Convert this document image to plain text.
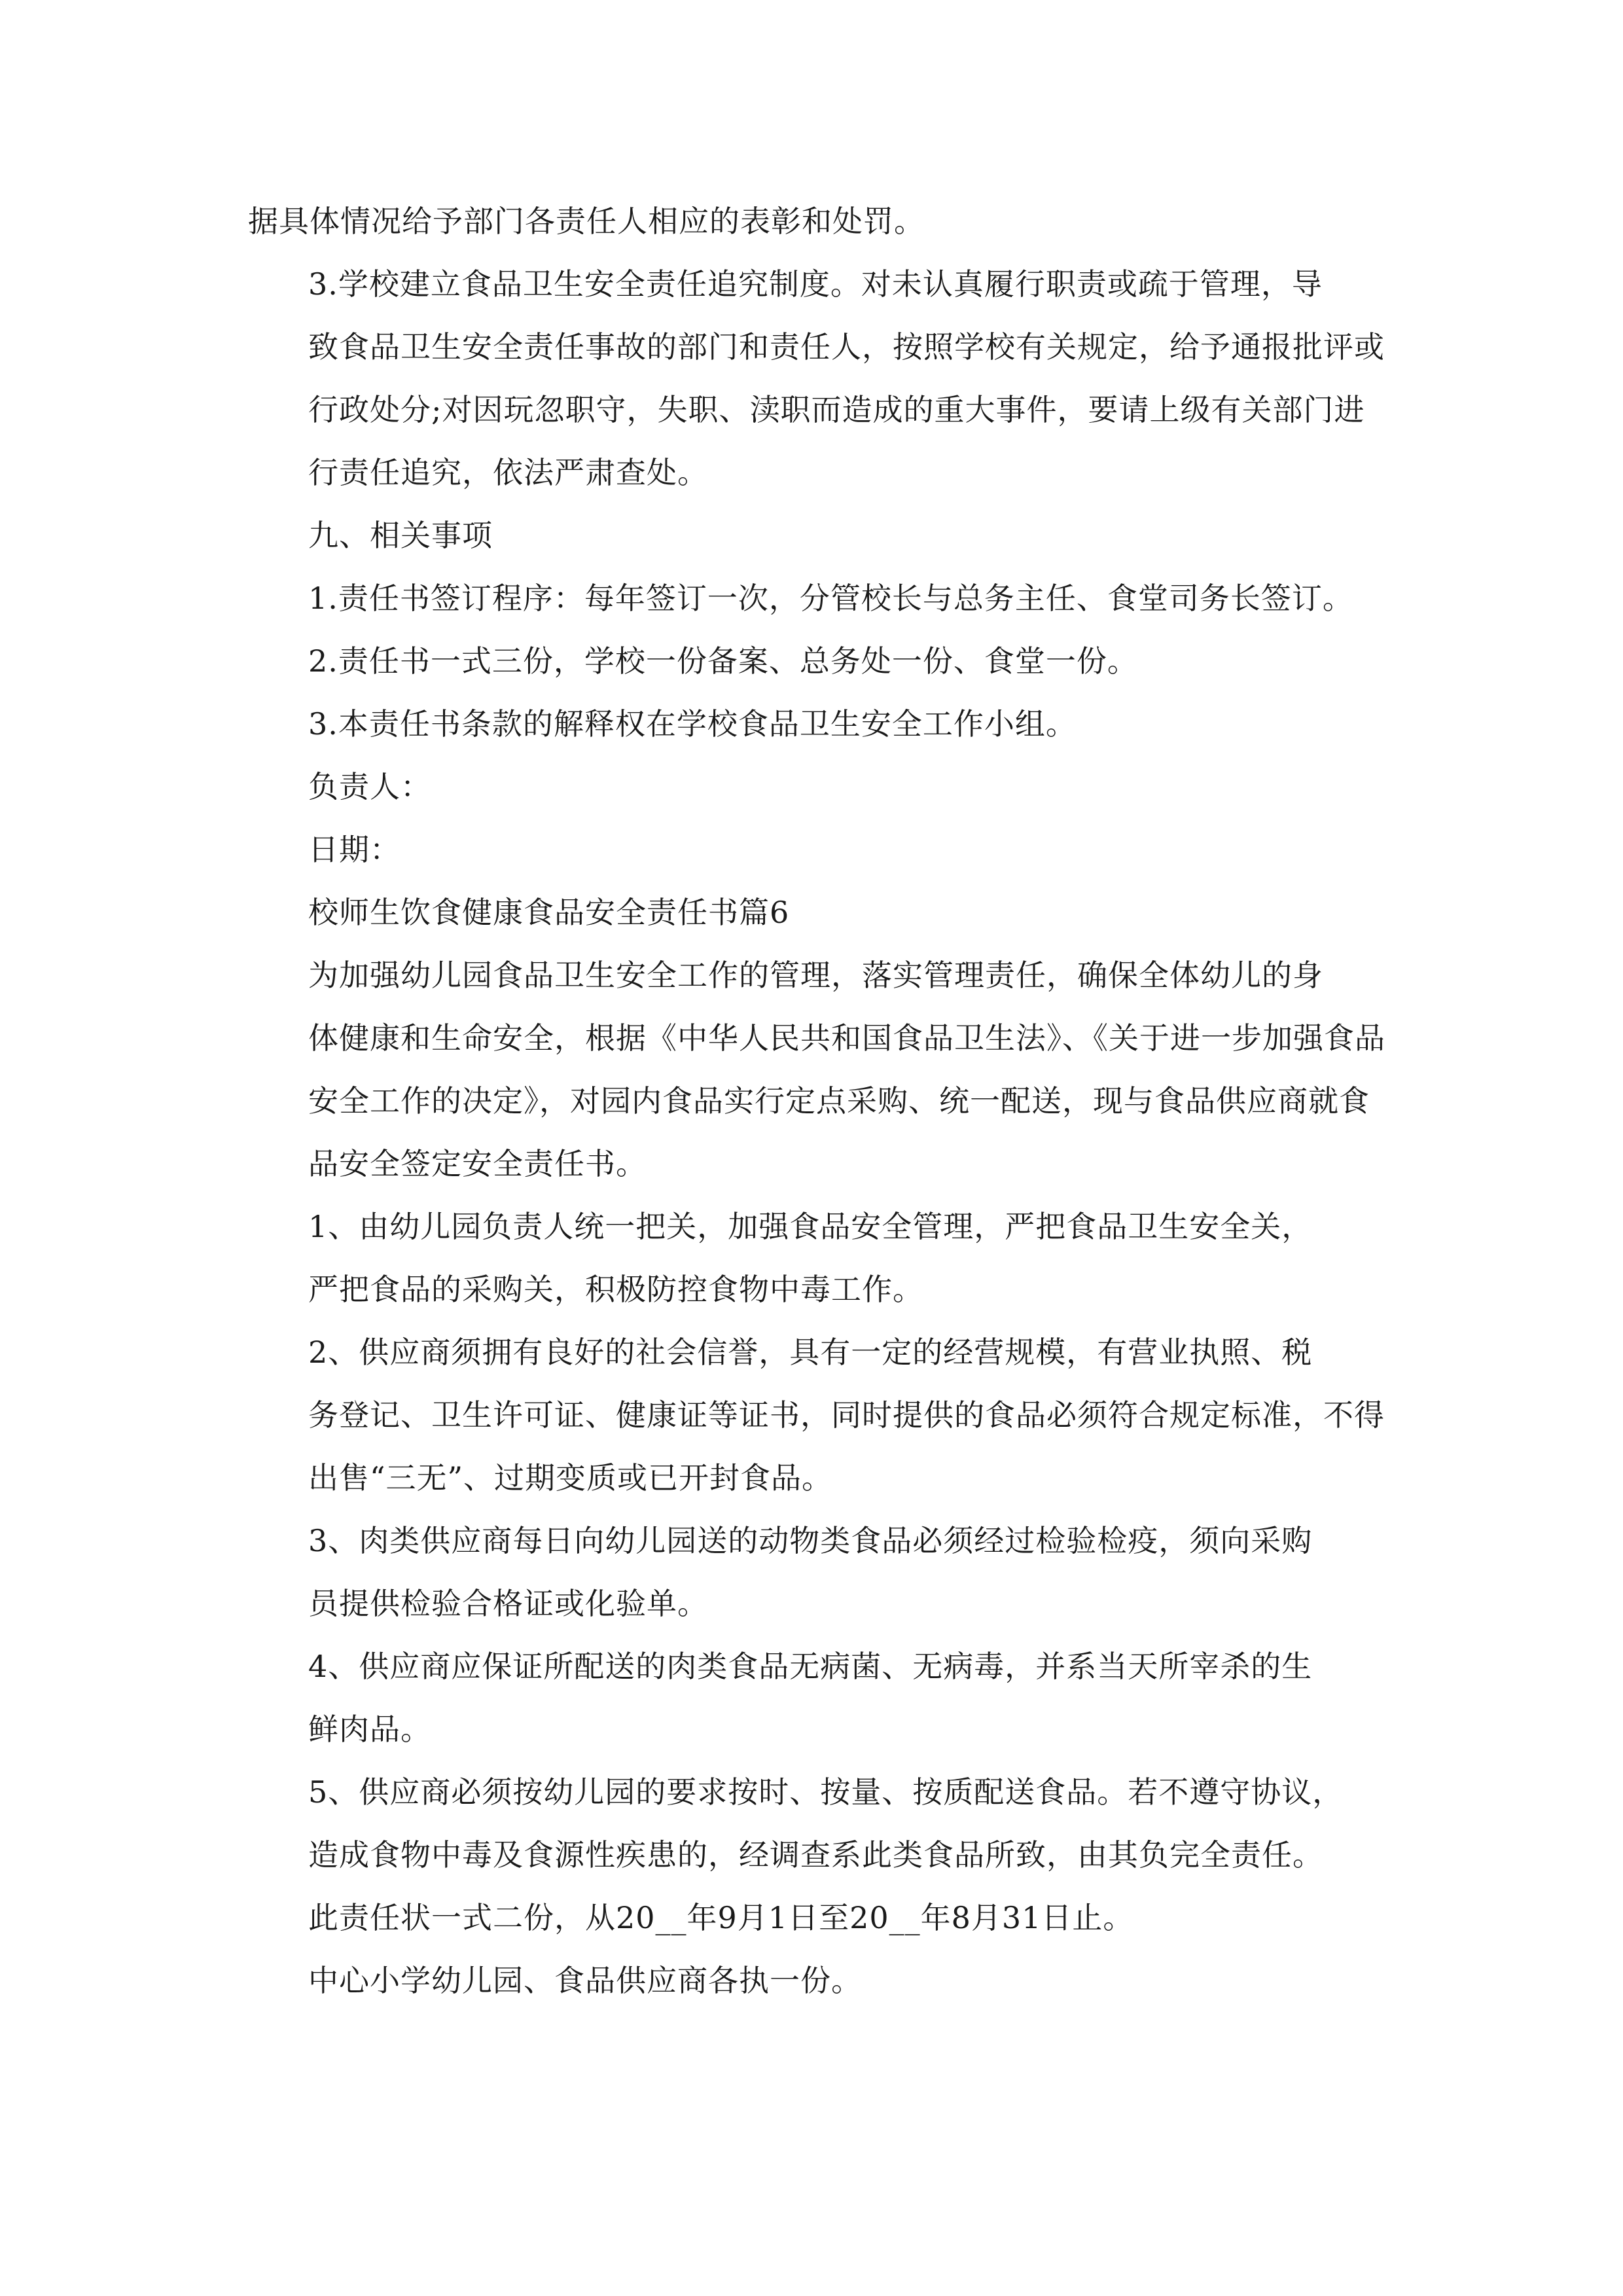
据具体情况给予部门各责任人相应的表彰和处罚。
3.学校建立食品卫生安全责任追究制度。对未认真履行职责或疏于管理，导
致食品卫生安全责任事故的部门和责任人，按照学校有关规定，给予通报批评或
行政处分;对因玩忽职守，失职、渎职而造成的重大事件，要请上级有关部门进
行责任追究，依法严肃查处。
九、相关事项
1.责任书签订程序：每年签订一次，分管校长与总务主任、食堂司务长签订。
2.责任书一式三份，学校一份备案、总务处一份、食堂一份。
3.本责任书条款的解释权在学校食品卫生安全工作小组。
负责人：
日期：
校师生饮食健康食品安全责任书篇6
为加强幼儿园食品卫生安全工作的管理，落实管理责任，确保全体幼儿的身
体健康和生命安全，根据《中华人民共和国食品卫生法》、《关于进一步加强食品
安全工作的决定》，对园内食品实行定点采购、统一配送，现与食品供应商就食
品安全签定安全责任书。
1、由幼儿园负责人统一把关，加强食品安全管理，严把食品卫生安全关，
严把食品的采购关，积极防控食物中毒工作。
2、供应商须拥有良好的社会信誉，具有一定的经营规模，有营业执照、税
务登记、卫生许可证、健康证等证书，同时提供的食品必须符合规定标准，不得
出售“三无”、过期变质或已开封食品。
3、肉类供应商每日向幼儿园送的动物类食品必须经过检验检疫，须向采购
员提供检验合格证或化验单。
4、供应商应保证所配送的肉类食品无病菌、无病毒，并系当天所宰杀的生
鲜肉品。
5、供应商必须按幼儿园的要求按时、按量、按质配送食品。若不遵守协议，
造成食物中毒及食源性疾患的，经调查系此类食品所致，由其负完全责任。
此责任状一式二份，从20__年9月1日至20__年8月31日止。
中心小学幼儿园、食品供应商各执一份。
